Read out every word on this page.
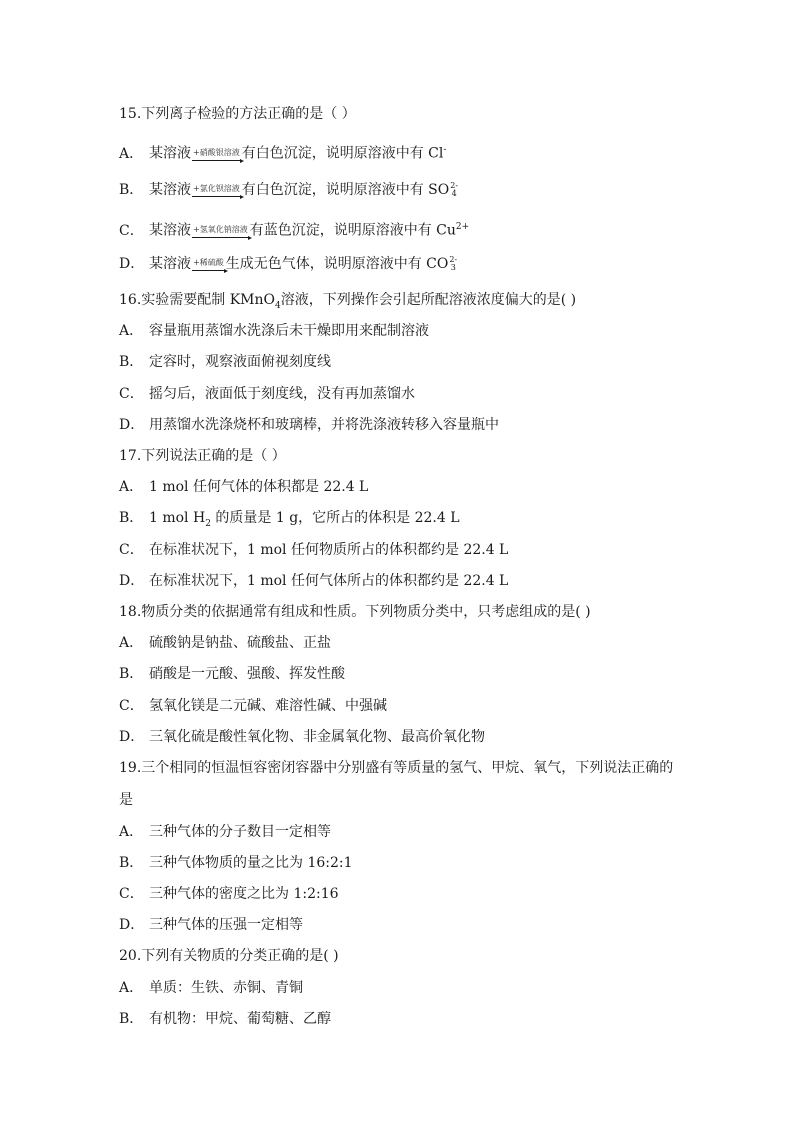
15.下列离子检验的方法正确的是（ ）
A． 某溶液 +硝酸银溶液 有白色沉淀，说明原溶液中有 Cl-
B． 某溶液 +氯化钡溶液 有白色沉淀，说明原溶液中有 SO 2-
4
C． 某溶液 +氢氧化钠溶液 有蓝色沉淀，说明原溶液中有 $Cu^{2+}$
D． 某溶液 +稀硫酸 生成无色气体，说明原溶液中有 CO 2-
3
16.实验需要配制 KMnO$_4$溶液，下列操作会引起所配溶液浓度偏大的是( )
A． 容量瓶用蒸馏水洗涤后未干燥即用来配制溶液
B． 定容时，观察液面俯视刻度线
C． 摇匀后，液面低于刻度线，没有再加蒸馏水
D． 用蒸馏水洗涤烧杯和玻璃棒，并将洗涤液转移入容量瓶中
17.下列说法正确的是（ ）
A． 1 mol 任何气体的体积都是 22.4 L
B． 1 mol $H_2$ 的质量是 1 g，它所占的体积是 22.4 L
C． 在标准状况下，1 mol 任何物质所占的体积都约是 22.4 L
D． 在标准状况下，1 mol 任何气体所占的体积都约是 22.4 L
18.物质分类的依据通常有组成和性质。下列物质分类中，只考虑组成的是( )
A． 硫酸钠是钠盐、硫酸盐、正盐
B． 硝酸是一元酸、强酸、挥发性酸
C． 氢氧化镁是二元碱、难溶性碱、中强碱
D． 三氧化硫是酸性氧化物、非金属氧化物、最高价氧化物
19.三个相同的恒温恒容密闭容器中分别盛有等质量的氢气、甲烷、氧气，下列说法正确的是
A． 三种气体的分子数目一定相等
B． 三种气体物质的量之比为 16:2:1
C． 三种气体的密度之比为 1:2:16
D． 三种气体的压强一定相等
20.下列有关物质的分类正确的是( )
A． 单质：生铁、赤铜、青铜
B． 有机物：甲烷、葡萄糖、乙醇
